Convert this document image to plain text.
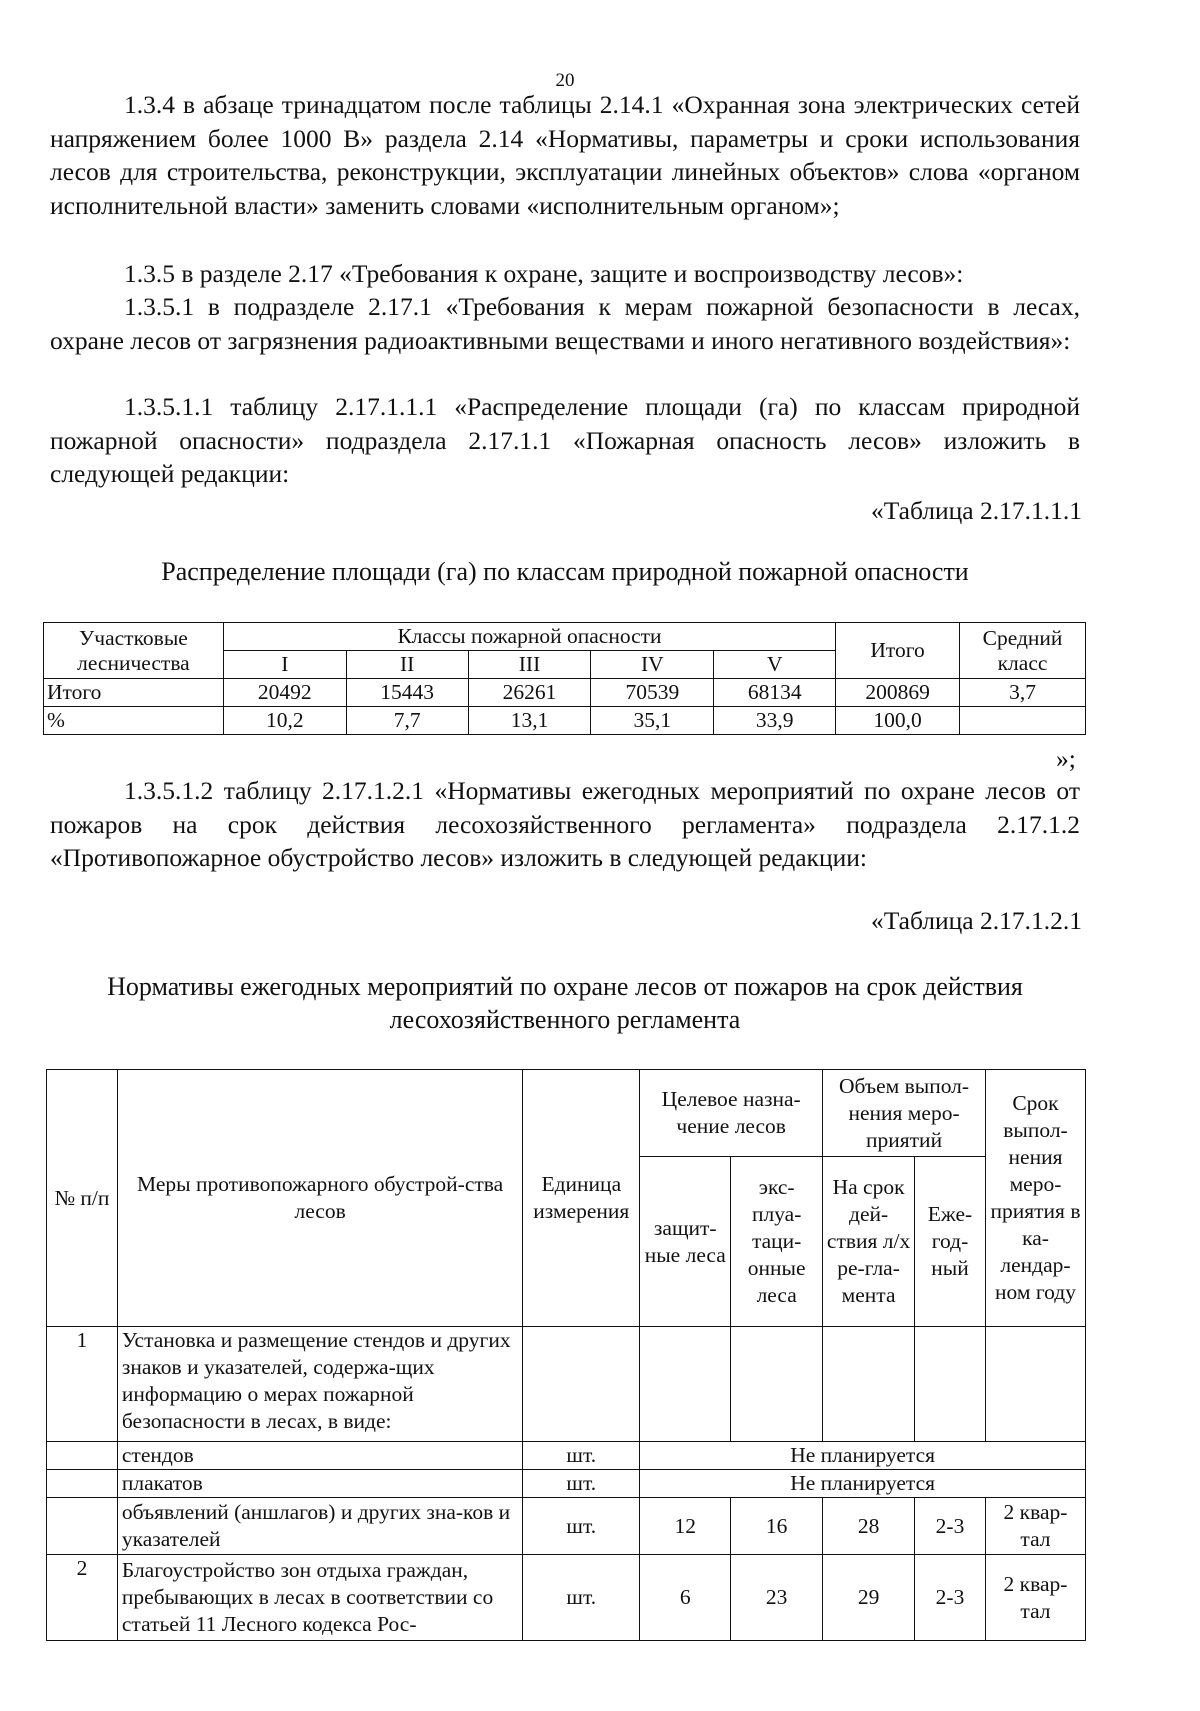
20
1.3.4 в абзаце тринадцатом после таблицы 2.14.1 «Охранная зона электрических сетей напряжением более 1000 В» раздела 2.14 «Нормативы, параметры и сроки использования лесов для строительства, реконструкции, эксплуатации линейных объектов» слова «органом исполнительной власти» заменить словами «исполнительным органом»;
1.3.5 в разделе 2.17 «Требования к охране, защите и воспроизводству лесов»:
1.3.5.1 в подразделе 2.17.1 «Требования к мерам пожарной безопасности в лесах, охране лесов от загрязнения радиоактивными веществами и иного негативного воздействия»:
1.3.5.1.1 таблицу 2.17.1.1.1 «Распределение площади (га) по классам природной пожарной опасности» подраздела 2.17.1.1 «Пожарная опасность лесов» изложить в следующей редакции:
«Таблица 2.17.1.1.1
Распределение площади (га) по классам природной пожарной опасности
Участковые лесничества	Классы пожарной опасности					Итого	Средний класс
	I	II	III	IV	V		
Итого	20492	15443	26261	70539	68134	200869	3,7
%	10,2	7,7	13,1	35,1	33,9	100,0	
»;
1.3.5.1.2 таблицу 2.17.1.2.1 «Нормативы ежегодных мероприятий по охране лесов от пожаров на срок действия лесохозяйственного регламента» подраздела 2.17.1.2 «Противопожарное обустройство лесов» изложить в следующей редакции:
«Таблица 2.17.1.2.1
Нормативы ежегодных мероприятий по охране лесов от пожаров на срок действия лесохозяйственного регламента
№ п/п	Меры противопожарного обустрой-ства лесов	Единица измерения	Целевое назна-чение лесов		Объем выпол-нения меро-приятий		Срок выпол-нения меро-приятия в ка-лендар-ном году
			защит-ные леса	экс-плуа-таци-онные леса	На срок дей-ствия л/х ре-гла-мента	Еже-год-ный	
1	Установка и размещение стендов и других знаков и указателей, содержа-щих информацию о мерах пожарной безопасности в лесах, в виде:						
	стендов	шт.	Не планируется				
	плакатов	шт.	Не планируется				
	объявлений (аншлагов) и других зна-ков и указателей	шт.	12	16	28	2-3	2 квар-тал
2	Благоустройство зон отдыха граждан, пребывающих в лесах в соответствии со статьей 11 Лесного кодекса Рос-	шт.	6	23	29	2-3	2 квар-тал
